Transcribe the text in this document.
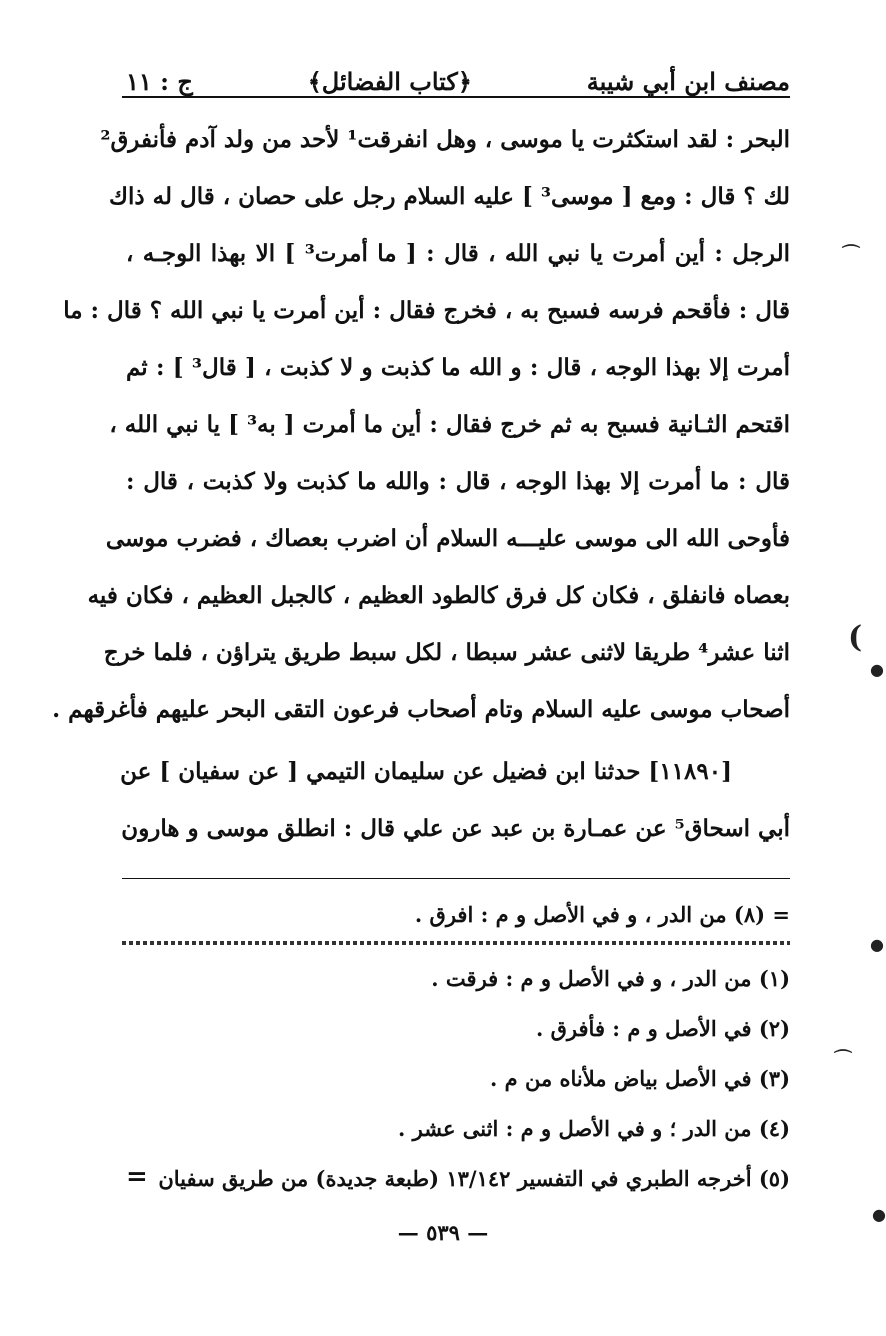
مصنف ابن أبي شيبة
﴿كتاب الفضائل﴾
ج : ١١
البحر : لقد استكثرت يا موسى ، وهل انفرقت¹ لأحد من ولد آدم فأنفرق²
لك ؟ قال : ومع [ موسى³ ] عليه السلام رجل على حصان ، قال له ذاك
الرجل : أين أمرت يا نبي الله ، قال : [ ما أمرت³ ] الا بهذا الوجـه ،
قال : فأقحم فرسه فسبح به ، فخرج فقال : أين أمرت يا نبي الله ؟ قال : ما
أمرت إلا بهذا الوجه ، قال : و الله ما كذبت و لا كذبت ، [ قال³ ] : ثم
اقتحم الثـانية فسبح به ثم خرج فقال : أين ما أمرت [ به³ ] يا نبي الله ،
قال : ما أمرت إلا بهذا الوجه ، قال : والله ما كذبت ولا كذبت ، قال :
فأوحى الله الى موسى عليـــه السلام أن اضرب بعصاك ، فضرب موسى
بعصاه فانفلق ، فكان كل فرق كالطود العظيم ، كالجبل العظيم ، فكان فيه
اثنا عشر⁴ طريقا لاثنى عشر سبطا ، لكل سبط طريق يتراؤن ، فلما خرج
أصحاب موسى عليه السلام وتام أصحاب فرعون التقى البحر عليهم فأغرقهم .
[١١٨٩٠] حدثنا ابن فضيل عن سليمان التيمي [ عن سفيان ] عن
أبي اسحاق⁵ عن عمـارة بن عبد عن علي قال : انطلق موسى و هارون
= (٨) من الدر ، و في الأصل و م : افرق .
(١) من الدر ، و في الأصل و م : فرقت .
(٢) في الأصل و م : فأفرق .
(٣) في الأصل بياض ملأناه من م .
(٤) من الدر ؛ و في الأصل و م : اثنى عشر .
(٥) أخرجه الطبري في التفسير ١٣/١٤٢ (طبعة جديدة) من طريق سفيان
=
— ٥٣٩ —
⌒
)
●
●
⌒
●
